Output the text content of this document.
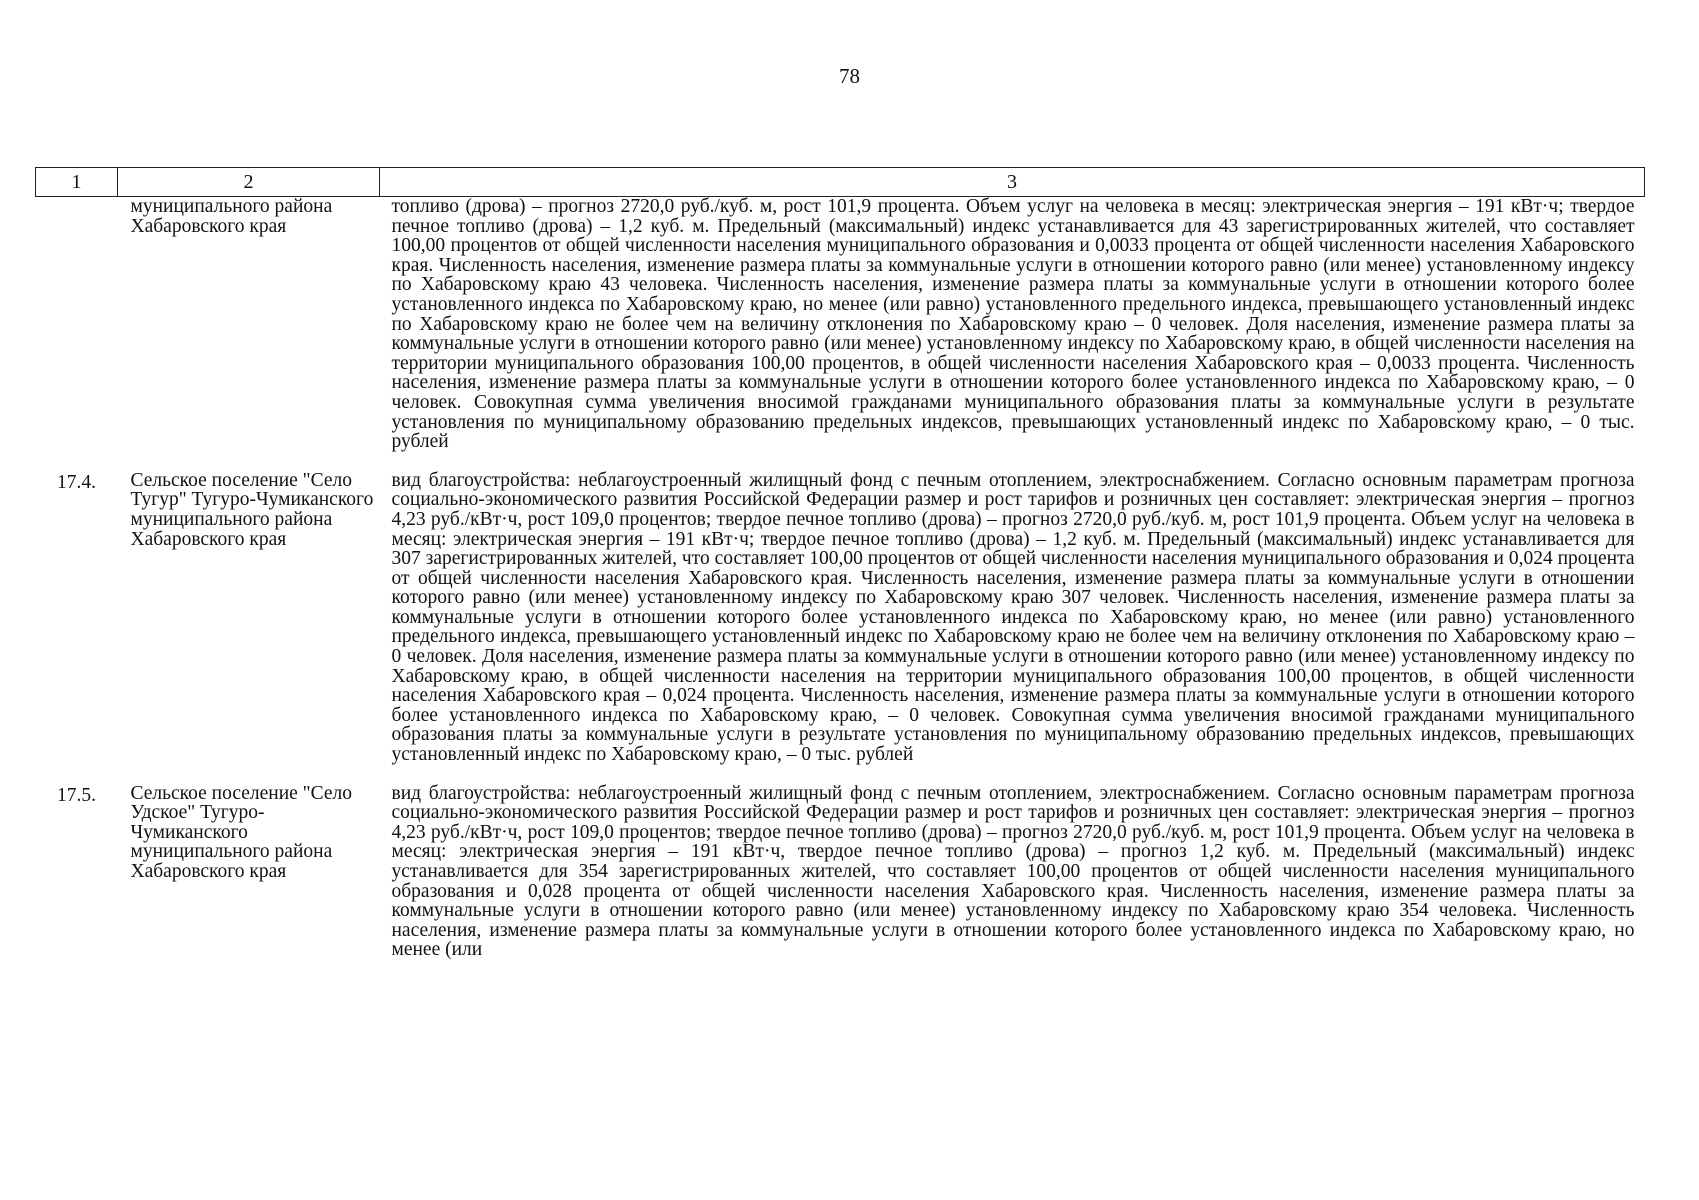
78
1	2	3
	муниципального района Хабаровского края	топливо (дрова) – прогноз 2720,0 руб./куб. м, рост 101,9 процента. Объем услуг на человека в месяц: электрическая энергия – 191 кВт·ч; твердое печное топливо (дрова) – 1,2 куб. м. Предельный (максимальный) индекс устанавливается для 43 зарегистрированных жителей, что составляет 100,00 процентов от общей численности населения муниципального образования и 0,0033 процента от общей численности населения Хабаровского края. Численность населения, изменение размера платы за коммунальные услуги в отношении которого равно (или менее) установленному индексу по Хабаровскому краю 43 человека. Численность населения, изменение размера платы за коммунальные услуги в отношении которого более установленного индекса по Хабаровскому краю, но менее (или равно) установленного предельного индекса, превышающего установленный индекс по Хабаровскому краю не более чем на величину отклонения по Хабаровскому краю – 0 человек. Доля населения, изменение размера платы за коммунальные услуги в отношении которого равно (или менее) установленному индексу по Хабаровскому краю, в общей численности населения на территории муниципального образования 100,00 процентов, в общей численности населения Хабаровского края – 0,0033 процента. Численность населения, изменение размера платы за коммунальные услуги в отношении которого более установленного индекса по Хабаровскому краю, – 0 человек. Совокупная сумма увеличения вносимой гражданами муниципального образования платы за коммунальные услуги в результате установления по муниципальному образованию предельных индексов, превышающих установленный индекс по Хабаровскому краю, – 0 тыс. рублей
17.4.	Сельское поселение "Село Тугур" Тугуро-Чумиканского муниципального района Хабаровского края	вид благоустройства: неблагоустроенный жилищный фонд с печным отоплением, электроснабжением. Согласно основным параметрам прогноза социально-экономического развития Российской Федерации размер и рост тарифов и розничных цен составляет: электрическая энергия – прогноз 4,23 руб./кВт·ч, рост 109,0 процентов; твердое печное топливо (дрова) – прогноз 2720,0 руб./куб. м, рост 101,9 процента. Объем услуг на человека в месяц: электрическая энергия – 191 кВт·ч; твердое печное топливо (дрова) – 1,2 куб. м. Предельный (максимальный) индекс устанавливается для 307 зарегистрированных жителей, что составляет 100,00 процентов от общей численности населения муниципального образования и 0,024 процента от общей численности населения Хабаровского края. Численность населения, изменение размера платы за коммунальные услуги в отношении которого равно (или менее) установленному индексу по Хабаровскому краю 307 человек. Численность населения, изменение размера платы за коммунальные услуги в отношении которого более установленного индекса по Хабаровскому краю, но менее (или равно) установленного предельного индекса, превышающего установленный индекс по Хабаровскому краю не более чем на величину отклонения по Хабаровскому краю – 0 человек. Доля населения, изменение размера платы за коммунальные услуги в отношении которого равно (или менее) установленному индексу по Хабаровскому краю, в общей численности населения на территории муниципального образования 100,00 процентов, в общей численности населения Хабаровского края – 0,024 процента. Численность населения, изменение размера платы за коммунальные услуги в отношении которого более установленного индекса по Хабаровскому краю, – 0 человек. Совокупная сумма увеличения вносимой гражданами муниципального образования платы за коммунальные услуги в результате установления по муниципальному образованию предельных индексов, превышающих установленный индекс по Хабаровскому краю, – 0 тыс. рублей
17.5.	Сельское поселение "Село Удское" Тугуро-Чумиканского муниципального района Хабаровского края	вид благоустройства: неблагоустроенный жилищный фонд с печным отоплением, электроснабжением. Согласно основным параметрам прогноза социально-экономического развития Российской Федерации размер и рост тарифов и розничных цен составляет: электрическая энергия – прогноз 4,23 руб./кВт·ч, рост 109,0 процентов; твердое печное топливо (дрова) – прогноз 2720,0 руб./куб. м, рост 101,9 процента. Объем услуг на человека в месяц: электрическая энергия – 191 кВт·ч, твердое печное топливо (дрова) – прогноз 1,2 куб. м. Предельный (максимальный) индекс устанавливается для 354 зарегистрированных жителей, что составляет 100,00 процентов от общей численности населения муниципального образования и 0,028 процента от общей численности населения Хабаровского края. Численность населения, изменение размера платы за коммунальные услуги в отношении которого равно (или менее) установленному индексу по Хабаровскому краю 354 человека. Численность населения, изменение размера платы за коммунальные услуги в отношении которого более установленного индекса по Хабаровскому краю, но менее (или
